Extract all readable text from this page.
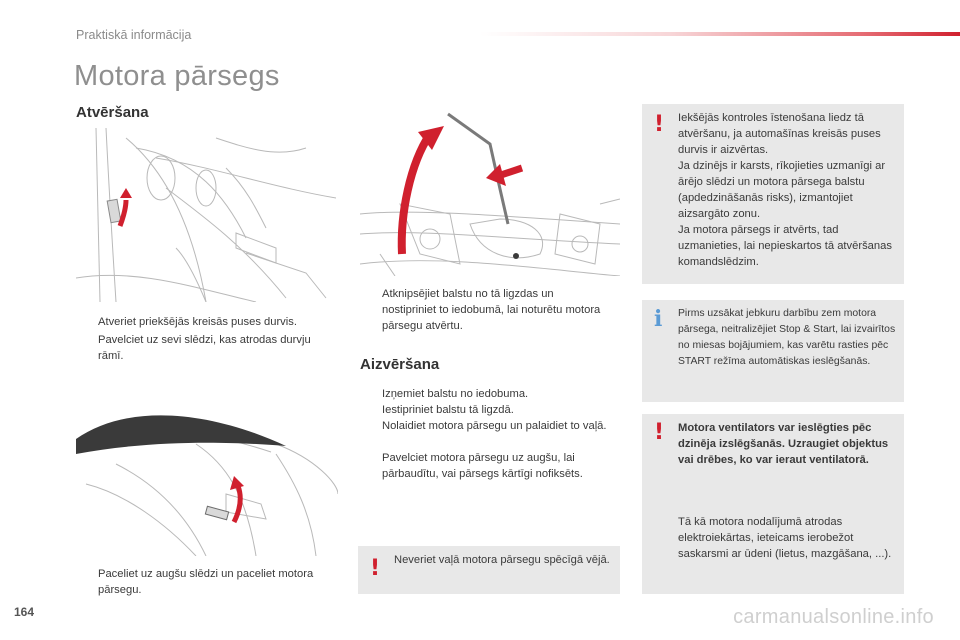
Praktiskā informācija
Motora pārsegs
Atvēršana
Atveriet priekšējās kreisās puses durvis.
Pavelciet uz sevi slēdzi, kas atrodas durvju rāmī.
Paceliet uz augšu slēdzi un paceliet motora pārsegu.
Atknipsējiet balstu no tā ligzdas un nostipriniet to iedobumā, lai noturētu motora pārsegu atvērtu.
Aizvēršana
Izņemiet balstu no iedobuma.
Iestipriniet balstu tā ligzdā.
Nolaidiet motora pārsegu un palaidiet to vaļā.
Pavelciet motora pārsegu uz augšu, lai pārbaudītu, vai pārsegs kārtīgi nofiksēts.
! Neveriet vaļā motora pārsegu spēcīgā vējā.
! Iekšējās kontroles īstenošana liedz tā atvēršanu, ja automašīnas kreisās puses durvis ir aizvērtas.
Ja dzinējs ir karsts, rīkojieties uzmanīgi ar ārējo slēdzi un motora pārsega balstu (apdedzināšanās risks), izmantojiet aizsargāto zonu.
Ja motora pārsegs ir atvērts, tad uzmanieties, lai nepieskartos tā atvēršanas komandslēdzim.
i Pirms uzsākat jebkuru darbību zem motora pārsega, neitralizējiet Stop & Start, lai izvairītos no miesas bojājumiem, kas varētu rasties pēc START režīma automātiskas ieslēgšanās.
! Motora ventilators var ieslēgties pēc dzinēja izslēgšanās. Uzraugiet objektus vai drēbes, ko var ieraut ventilatorā.
Tā kā motora nodalījumā atrodas elektroiekārtas, ieteicams ierobežot saskarsmi ar ūdeni (lietus, mazgāšana, ...).
164	carmanualsonline.info
